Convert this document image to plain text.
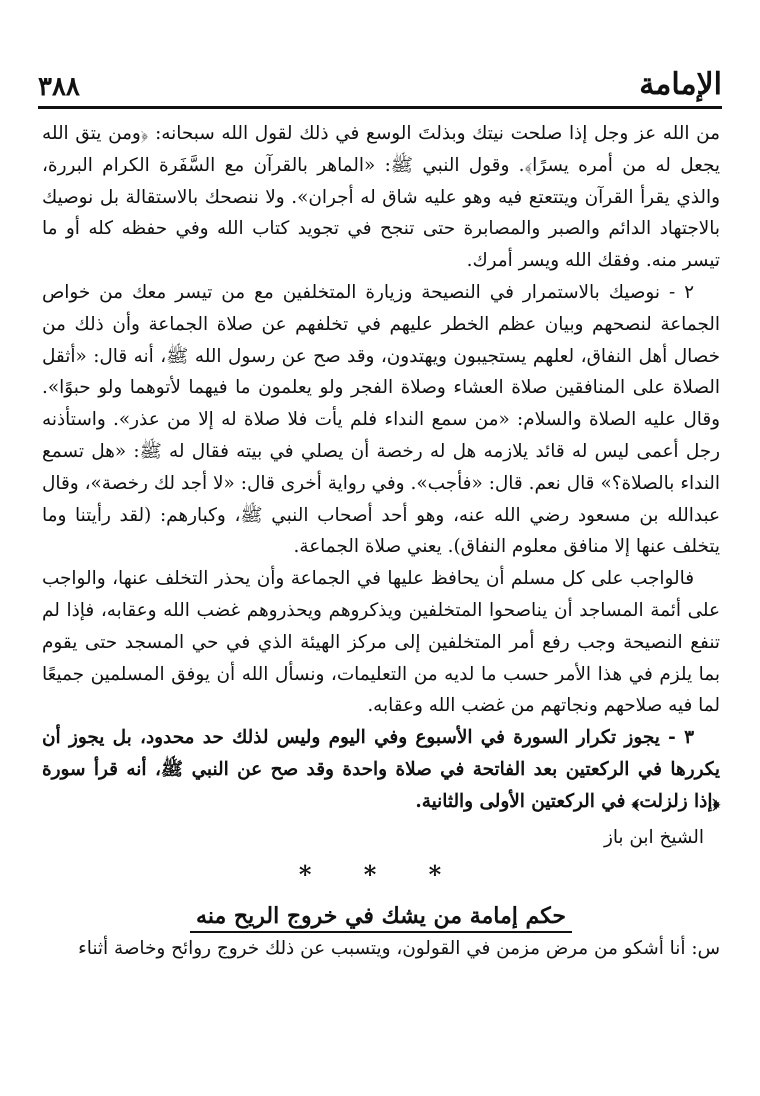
٣٨٨	الإمامة

من الله عز وجل إذا صلحت نيتك وبذلتَ الوسع في ذلك لقول الله سبحانه: ﴿ومن يتق الله يجعل له من أمره يسرًا﴾. وقول النبي ﷺ: «الماهر بالقرآن مع السَّفَرة الكرام البررة، والذي يقرأ القرآن ويتتعتع فيه وهو عليه شاق له أجران». ولا ننصحك بالاستقالة بل نوصيك بالاجتهاد الدائم والصبر والمصابرة حتى تنجح في تجويد كتاب الله وفي حفظه كله أو ما تيسر منه. وفقك الله ويسر أمرك.

٢ - نوصيك بالاستمرار في النصيحة وزيارة المتخلفين مع من تيسر معك من خواص الجماعة لنصحهم وبيان عظم الخطر عليهم في تخلفهم عن صلاة الجماعة وأن ذلك من خصال أهل النفاق، لعلهم يستجيبون ويهتدون، وقد صح عن رسول الله ﷺ، أنه قال: «أثقل الصلاة على المنافقين صلاة العشاء وصلاة الفجر ولو يعلمون ما فيهما لأتوهما ولو حبوًا». وقال عليه الصلاة والسلام: «من سمع النداء فلم يأت فلا صلاة له إلا من عذر». واستأذنه رجل أعمى ليس له قائد يلازمه هل له رخصة أن يصلي في بيته فقال له ﷺ: «هل تسمع النداء بالصلاة؟» قال نعم. قال: «فأجب». وفي رواية أخرى قال: «لا أجد لك رخصة»، وقال عبدالله بن مسعود رضي الله عنه، وهو أحد أصحاب النبي ﷺ، وكبارهم: (لقد رأيتنا وما يتخلف عنها إلا منافق معلوم النفاق). يعني صلاة الجماعة.

فالواجب على كل مسلم أن يحافظ عليها في الجماعة وأن يحذر التخلف عنها، والواجب على أئمة المساجد أن يناصحوا المتخلفين ويذكروهم ويحذروهم غضب الله وعقابه، فإذا لم تنفع النصيحة وجب رفع أمر المتخلفين إلى مركز الهيئة الذي في حي المسجد حتى يقوم بما يلزم في هذا الأمر حسب ما لديه من التعليمات، ونسأل الله أن يوفق المسلمين جميعًا لما فيه صلاحهم ونجاتهم من غضب الله وعقابه.

٣ - يجوز تكرار السورة في الأسبوع وفي اليوم وليس لذلك حد محدود، بل يجوز أن يكررها في الركعتين بعد الفاتحة في صلاة واحدة وقد صح عن النبي ﷺ، أنه قرأ سورة ﴿إذا زلزلت﴾ في الركعتين الأولى والثانية.

الشيخ ابن باز
* * *
حكم إمامة من يشك في خروج الريح منه

س: أنا أشكو من مرض مزمن في القولون، ويتسبب عن ذلك خروج روائح وخاصة أثناء
